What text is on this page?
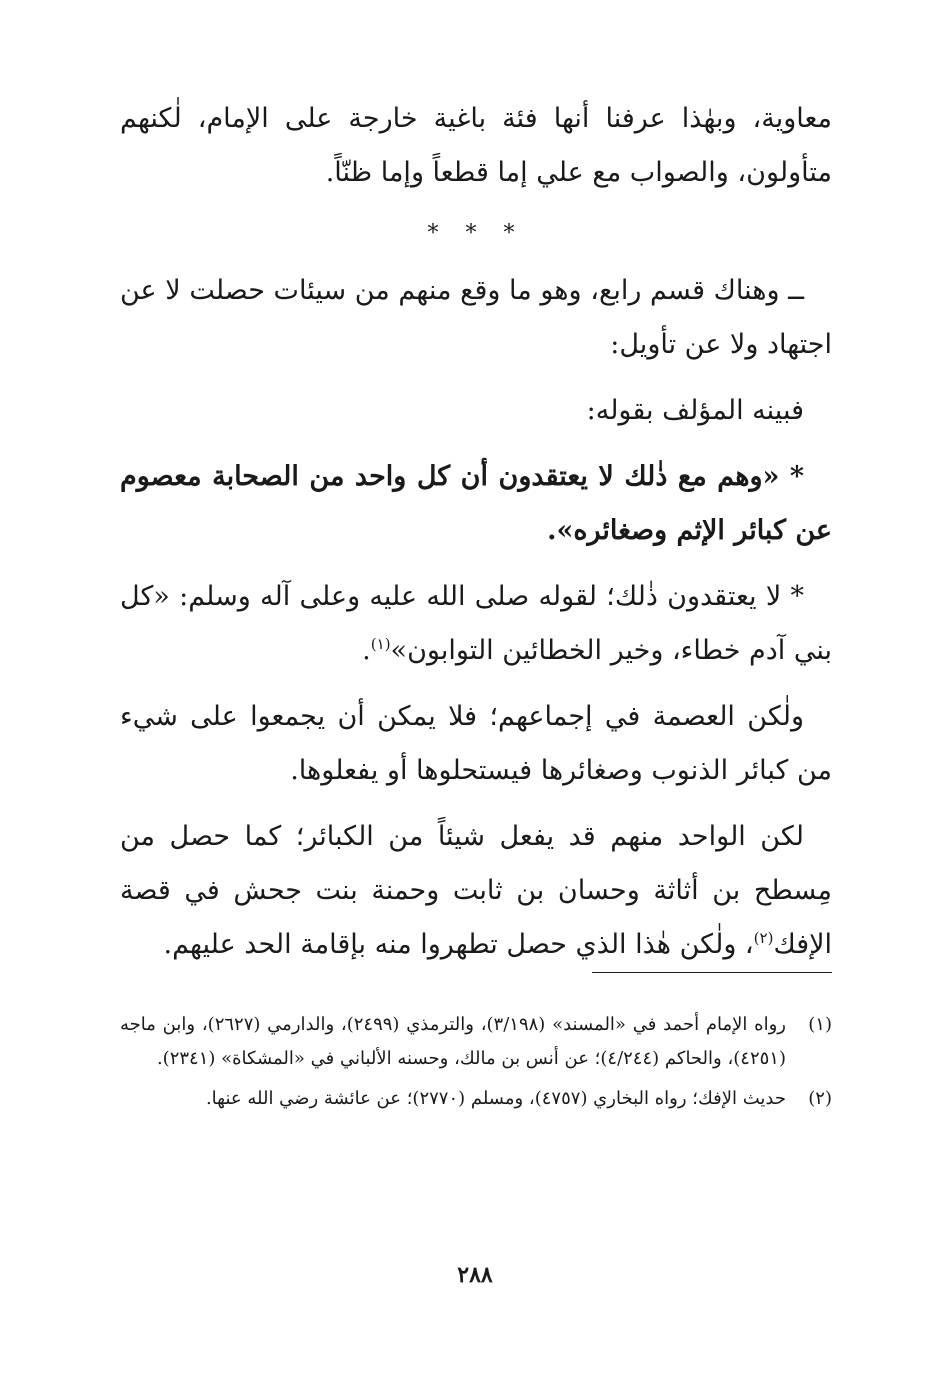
معاوية، وبهٰذا عرفنا أنها فئة باغية خارجة على الإمام، لٰكنهم متأولون، والصواب مع علي إما قطعاً وإما ظنّاً.

* * *

ــ وهناك قسم رابع، وهو ما وقع منهم من سيئات حصلت لا عن اجتهاد ولا عن تأويل:

فبينه المؤلف بقوله:

* «وهم مع ذٰلك لا يعتقدون أن كل واحد من الصحابة معصوم عن كبائر الإثم وصغائره».

* لا يعتقدون ذٰلك؛ لقوله صلى الله عليه وعلى آله وسلم: «كل بني آدم خطاء، وخير الخطائين التوابون»$^{(١)}$.

ولٰكن العصمة في إجماعهم؛ فلا يمكن أن يجمعوا على شيء من كبائر الذنوب وصغائرها فيستحلوها أو يفعلوها.

لكن الواحد منهم قد يفعل شيئاً من الكبائر؛ كما حصل من مِسطح بن أثاثة وحسان بن ثابت وحمنة بنت جحش في قصة الإفك$^{(٢)}$، ولٰكن هٰذا الذي حصل تطهروا منه بإقامة الحد عليهم.

(١)
رواه الإمام أحمد في «المسند» (٣/١٩٨)، والترمذي (٢٤٩٩)، والدارمي (٢٦٢٧)، وابن ماجه (٤٢٥١)، والحاكم (٤/٢٤٤)؛ عن أنس بن مالك، وحسنه الألباني في «المشكاة» (٢٣٤١).
(٢)
حديث الإفك؛ رواه البخاري (٤٧٥٧)، ومسلم (٢٧٧٠)؛ عن عائشة رضي الله عنها.
٢٨٨
